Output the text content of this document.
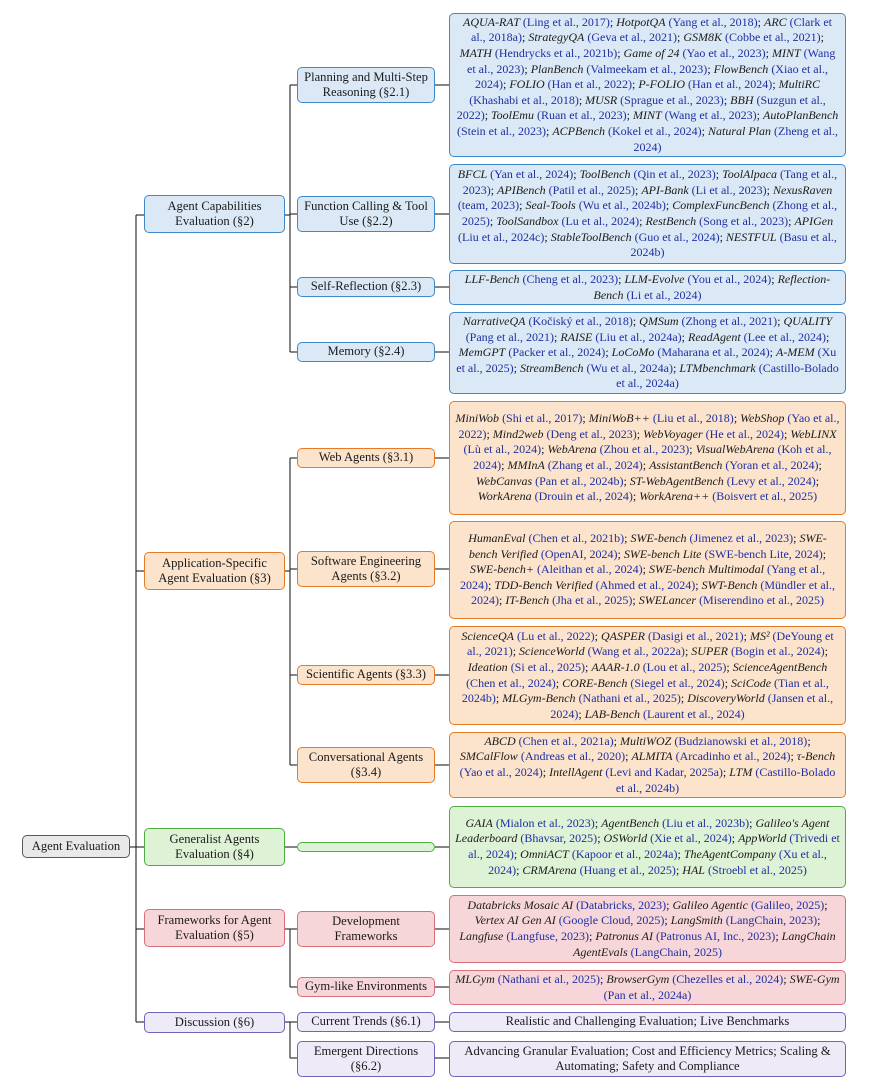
Agent Evaluation
Agent Capabilities Evaluation (§2)
Application-Specific Agent Evaluation (§3)
Generalist Agents Evaluation (§4)
Frameworks for Agent Evaluation (§5)
Discussion (§6)
Planning and Multi-Step Reasoning (§2.1)
Function Calling & Tool Use (§2.2)
Self-Reflection (§2.3)
Memory (§2.4)
Web Agents (§3.1)
Software Engineering Agents (§3.2)
Scientific Agents (§3.3)
Conversational Agents (§3.4)
Development Frameworks
Gym-like Environments
Current Trends (§6.1)
Emergent Directions (§6.2)
AQUA-RAT (Ling et al., 2017); HotpotQA (Yang et al., 2018); ARC (Clark et al., 2018a); StrategyQA (Geva et al., 2021); GSM8K (Cobbe et al., 2021); MATH (Hendrycks et al., 2021b); Game of 24 (Yao et al., 2023); MINT (Wang et al., 2023); PlanBench (Valmeekam et al., 2023); FlowBench (Xiao et al., 2024); FOLIO (Han et al., 2022); P-FOLIO (Han et al., 2024); MultiRC (Khashabi et al., 2018); MUSR (Sprague et al., 2023); BBH (Suzgun et al., 2022); ToolEmu (Ruan et al., 2023); MINT (Wang et al., 2023); AutoPlanBench (Stein et al., 2023); ACPBench (Kokel et al., 2024); Natural Plan (Zheng et al., 2024)
BFCL (Yan et al., 2024); ToolBench (Qin et al., 2023); ToolAlpaca (Tang et al., 2023); APIBench (Patil et al., 2025); API-Bank (Li et al., 2023); NexusRaven (team, 2023); Seal-Tools (Wu et al., 2024b); ComplexFuncBench (Zhong et al., 2025); ToolSandbox (Lu et al., 2024); RestBench (Song et al., 2023); APIGen (Liu et al., 2024c); StableToolBench (Guo et al., 2024); NESTFUL (Basu et al., 2024b)
LLF-Bench (Cheng et al., 2023); LLM-Evolve (You et al., 2024); Reflection-Bench (Li et al., 2024)
NarrativeQA (Kočiský et al., 2018); QMSum (Zhong et al., 2021); QUALITY (Pang et al., 2021); RAISE (Liu et al., 2024a); ReadAgent (Lee et al., 2024); MemGPT (Packer et al., 2024); LoCoMo (Maharana et al., 2024); A-MEM (Xu et al., 2025); StreamBench (Wu et al., 2024a); LTMbenchmark (Castillo-Bolado et al., 2024a)
MiniWob (Shi et al., 2017); MiniWoB++ (Liu et al., 2018); WebShop (Yao et al., 2022); Mind2web (Deng et al., 2023); WebVoyager (He et al., 2024); WebLINX (Lù et al., 2024); WebArena (Zhou et al., 2023); VisualWebArena (Koh et al., 2024); MMInA (Zhang et al., 2024); AssistantBench (Yoran et al., 2024); WebCanvas (Pan et al., 2024b); ST-WebAgentBench (Levy et al., 2024); WorkArena (Drouin et al., 2024); WorkArena++ (Boisvert et al., 2025)
HumanEval (Chen et al., 2021b); SWE-bench (Jimenez et al., 2023); SWE-bench Verified (OpenAI, 2024); SWE-bench Lite (SWE-bench Lite, 2024); SWE-bench+ (Aleithan et al., 2024); SWE-bench Multimodal (Yang et al., 2024); TDD-Bench Verified (Ahmed et al., 2024); SWT-Bench (Mündler et al., 2024); IT-Bench (Jha et al., 2025); SWELancer (Miserendino et al., 2025)
ScienceQA (Lu et al., 2022); QASPER (Dasigi et al., 2021); MS² (DeYoung et al., 2021); ScienceWorld (Wang et al., 2022a); SUPER (Bogin et al., 2024); Ideation (Si et al., 2025); AAAR-1.0 (Lou et al., 2025); ScienceAgentBench (Chen et al., 2024); CORE-Bench (Siegel et al., 2024); SciCode (Tian et al., 2024b); MLGym-Bench (Nathani et al., 2025); DiscoveryWorld (Jansen et al., 2024); LAB-Bench (Laurent et al., 2024)
ABCD (Chen et al., 2021a); MultiWOZ (Budzianowski et al., 2018); SMCalFlow (Andreas et al., 2020); ALMITA (Arcadinho et al., 2024); τ-Bench (Yao et al., 2024); IntellAgent (Levi and Kadar, 2025a); LTM (Castillo-Bolado et al., 2024b)
GAIA (Mialon et al., 2023); AgentBench (Liu et al., 2023b); Galileo's Agent Leaderboard (Bhavsar, 2025); OSWorld (Xie et al., 2024); AppWorld (Trivedi et al., 2024); OmniACT (Kapoor et al., 2024a); TheAgentCompany (Xu et al., 2024); CRMArena (Huang et al., 2025); HAL (Stroebl et al., 2025)
Databricks Mosaic AI (Databricks, 2023); Galileo Agentic (Galileo, 2025); Vertex AI Gen AI (Google Cloud, 2025); LangSmith (LangChain, 2023); Langfuse (Langfuse, 2023); Patronus AI (Patronus AI, Inc., 2023); LangChain AgentEvals (LangChain, 2025)
MLGym (Nathani et al., 2025); BrowserGym (Chezelles et al., 2024); SWE-Gym (Pan et al., 2024a)
Realistic and Challenging Evaluation; Live Benchmarks
Advancing Granular Evaluation; Cost and Efficiency Metrics; Scaling & Automating; Safety and Compliance
